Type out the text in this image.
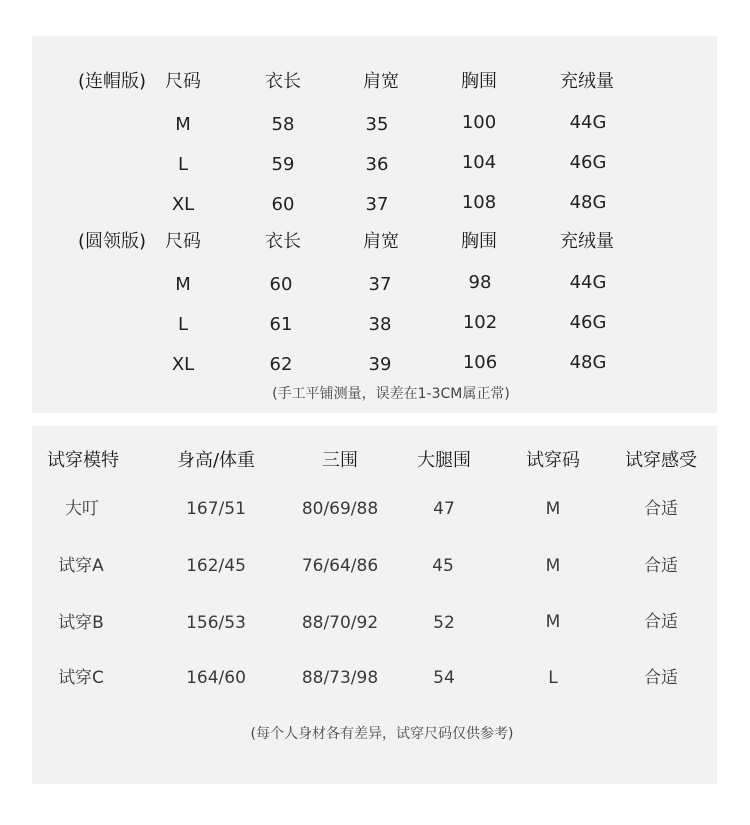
(连帽版) 尺码	衣长	肩宽	胸围	充绒量
M	58	35	100	44G
L	59	36	104	46G
XL	60	37	108	48G
(圆领版) 尺码	衣长	肩宽	胸围	充绒量
M	60	37	98	44G
L	61	38	102	46G
XL	62	39	106	48G
(手工平铺测量，误差在1-3CM属正常)
试穿模特	身高/体重	三围	大腿围	试穿码	试穿感受
大叮	167/51	80/69/88	47	M	合适
试穿A	162/45	76/64/86	45	M	合适
试穿B	156/53	88/70/92	52	M	合适
试穿C	164/60	88/73/98	54	L	合适
(每个人身材各有差异，试穿尺码仅供参考)
